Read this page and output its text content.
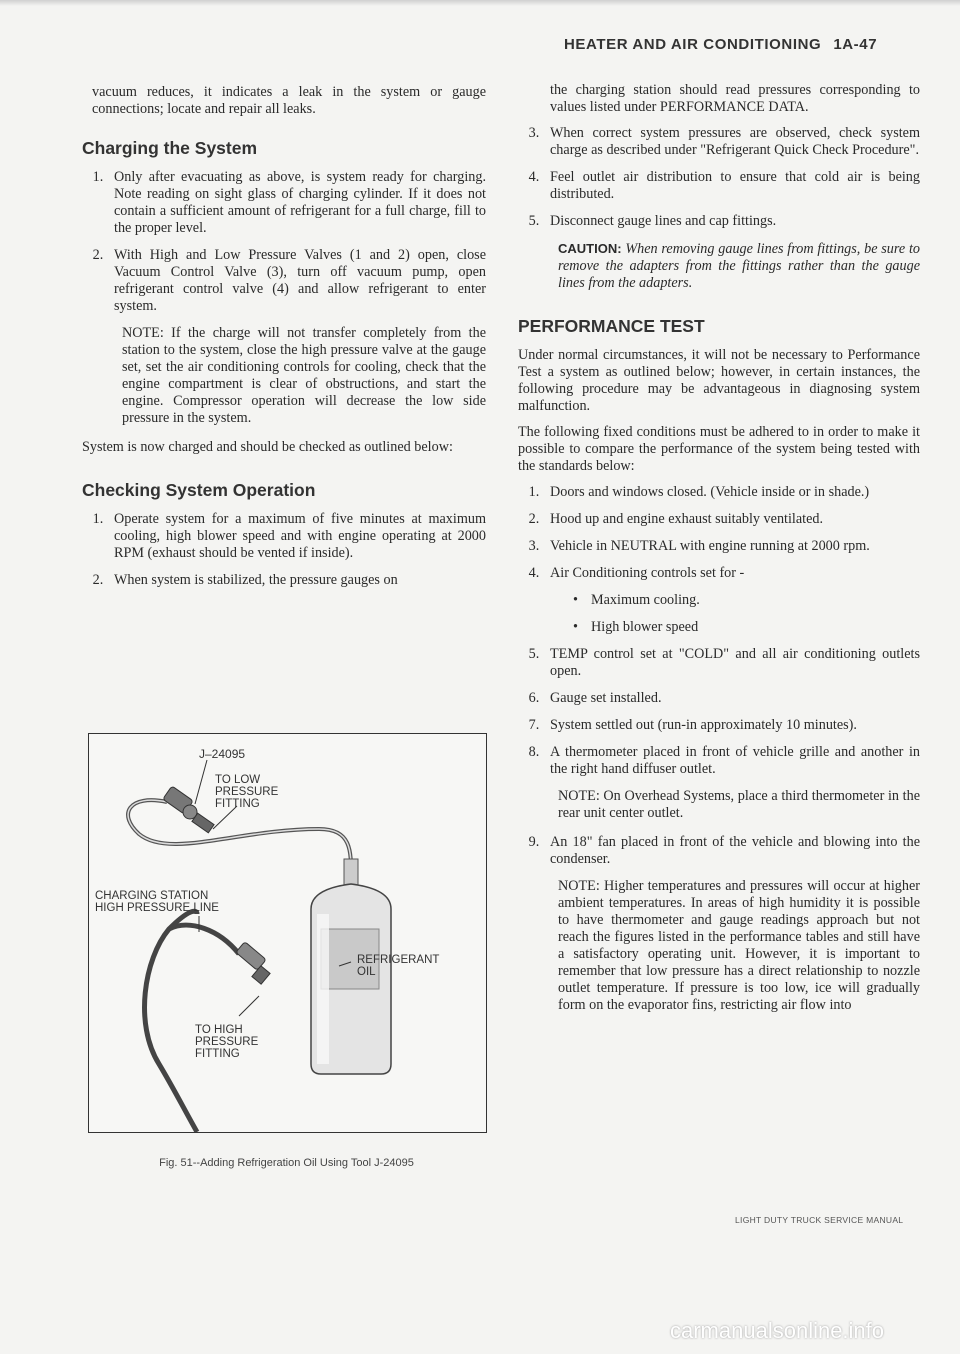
HEATER AND AIR CONDITIONING 1A-47

vacuum reduces, it indicates a leak in the system or gauge connections; locate and repair all leaks.

Charging the System
1. Only after evacuating as above, is system ready for charging. Note reading on sight glass of charging cylinder. If it does not contain a sufficient amount of refrigerant for a full charge, fill to the proper level.
2. With High and Low Pressure Valves (1 and 2) open, close Vacuum Control Valve (3), turn off vacuum pump, open refrigerant control valve (4) and allow refrigerant to enter system.

NOTE: If the charge will not transfer completely from the station to the system, close the high pressure valve at the gauge set, set the air conditioning controls for cooling, check that the engine compartment is clear of obstructions, and start the engine. Compressor operation will decrease the low side pressure in the system.

System is now charged and should be checked as outlined below:

Checking System Operation
1. Operate system for a maximum of five minutes at maximum cooling, high blower speed and with engine operating at 2000 RPM (exhaust should be vented if inside).
2. When system is stabilized, the pressure gauges on
J–24095
TO LOW
PRESSURE
FITTING
CHARGING STATION
HIGH PRESSURE LINE
REFRIGERANT
OIL
TO HIGH
PRESSURE
FITTING
Fig. 51--Adding Refrigeration Oil Using Tool J-24095

the charging station should read pressures corresponding to values listed under PERFORMANCE DATA.

3. When correct system pressures are observed, check system charge as described under "Refrigerant Quick Check Procedure".
4. Feel outlet air distribution to ensure that cold air is being distributed.
5. Disconnect gauge lines and cap fittings.

CAUTION: When removing gauge lines from fittings, be sure to remove the adapters from the fittings rather than the gauge lines from the adapters.

PERFORMANCE TEST

Under normal circumstances, it will not be necessary to Performance Test a system as outlined below; however, in certain instances, the following procedure may be advantageous in diagnosing system malfunction.

The following fixed conditions must be adhered to in order to make it possible to compare the performance of the system being tested with the standards below:

1. Doors and windows closed. (Vehicle inside or in shade.)
2. Hood up and engine exhaust suitably ventilated.
3. Vehicle in NEUTRAL with engine running at 2000 rpm.
4. Air Conditioning controls set for -
• Maximum cooling.
• High blower speed
5. TEMP control set at "COLD" and all air conditioning outlets open.
6. Gauge set installed.
7. System settled out (run-in approximately 10 minutes).
8. A thermometer placed in front of vehicle grille and another in the right hand diffuser outlet.

NOTE: On Overhead Systems, place a third thermometer in the rear unit center outlet.

9. An 18" fan placed in front of the vehicle and blowing into the condenser.

NOTE: Higher temperatures and pressures will occur at higher ambient temperatures. In areas of high humidity it is possible to have thermometer and gauge readings approach but not reach the figures listed in the performance tables and still have a satisfactory operating unit. However, it is important to remember that low pressure has a direct relationship to nozzle outlet temperature. If pressure is too low, ice will gradually form on the evaporator fins, restricting air flow into

LIGHT DUTY TRUCK SERVICE MANUAL
carmanualsonline.info
